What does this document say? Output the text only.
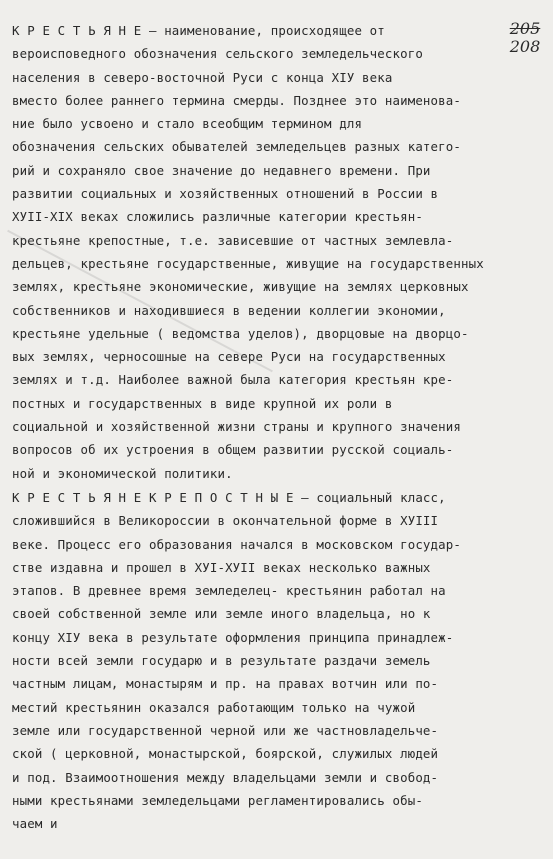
205
208
К Р Е С Т Ь Я Н Е – наименование, происходящее от
вероисповедного обозначения сельского земледельческого
населения в северо-восточной Руси с конца XIУ века
вместо более раннего термина смерды. Позднее это наименова-
ние было усвоено и стало всеобщим термином для
обозначения сельских обывателей земледельцев разных катего-
рий и сохраняло свое значение до недавнего времени. При
развитии социальных и хозяйственных отношений в России в
XУII-XIX веках сложились различные категории крестьян-
крестьяне крепостные, т.е. зависевшие от частных землевла-
дельцев, крестьяне государственные, живущие на государственных
землях, крестьяне экономические, живущие на землях церковных
собственников и находившиеся в ведении коллегии экономии,
крестьяне удельные ( ведомства уделов), дворцовые на дворцо-
вых землях, черносошные на севере Руси на государственных
землях и т.д. Наиболее важной была категория крестьян кре-
постных и государственных в виде крупной их роли в
социальной и хозяйственной жизни страны и крупного значения
вопросов об их устроения в общем развитии русской социаль-
ной и экономической политики.
К Р Е С Т Ь Я Н Е К Р Е П О С Т Н Ы Е – социальный класс,
сложившийся в Великороссии в окончательной форме в XУIII
веке. Процесс его образования начался в московском государ-
стве издавна и прошел в XУI-XУII веках несколько важных
этапов. В древнее время земледелец- крестьянин работал на
своей собственной земле или земле иного владельца, но к
концу XIУ века в результате оформления принципа принадлеж-
ности всей земли государю и в результате раздачи земель
частным лицам, монастырям и пр. на правах вотчин или по-
местий крестьянин оказался работающим только на чужой
земле или государственной черной или же частновладельче-
ской ( церковной, монастырской, боярской, служилых людей
и под. Взаимоотношения между владельцами земли и свобод-
ными крестьянами земледельцами регламентировались обы-
чаем и
